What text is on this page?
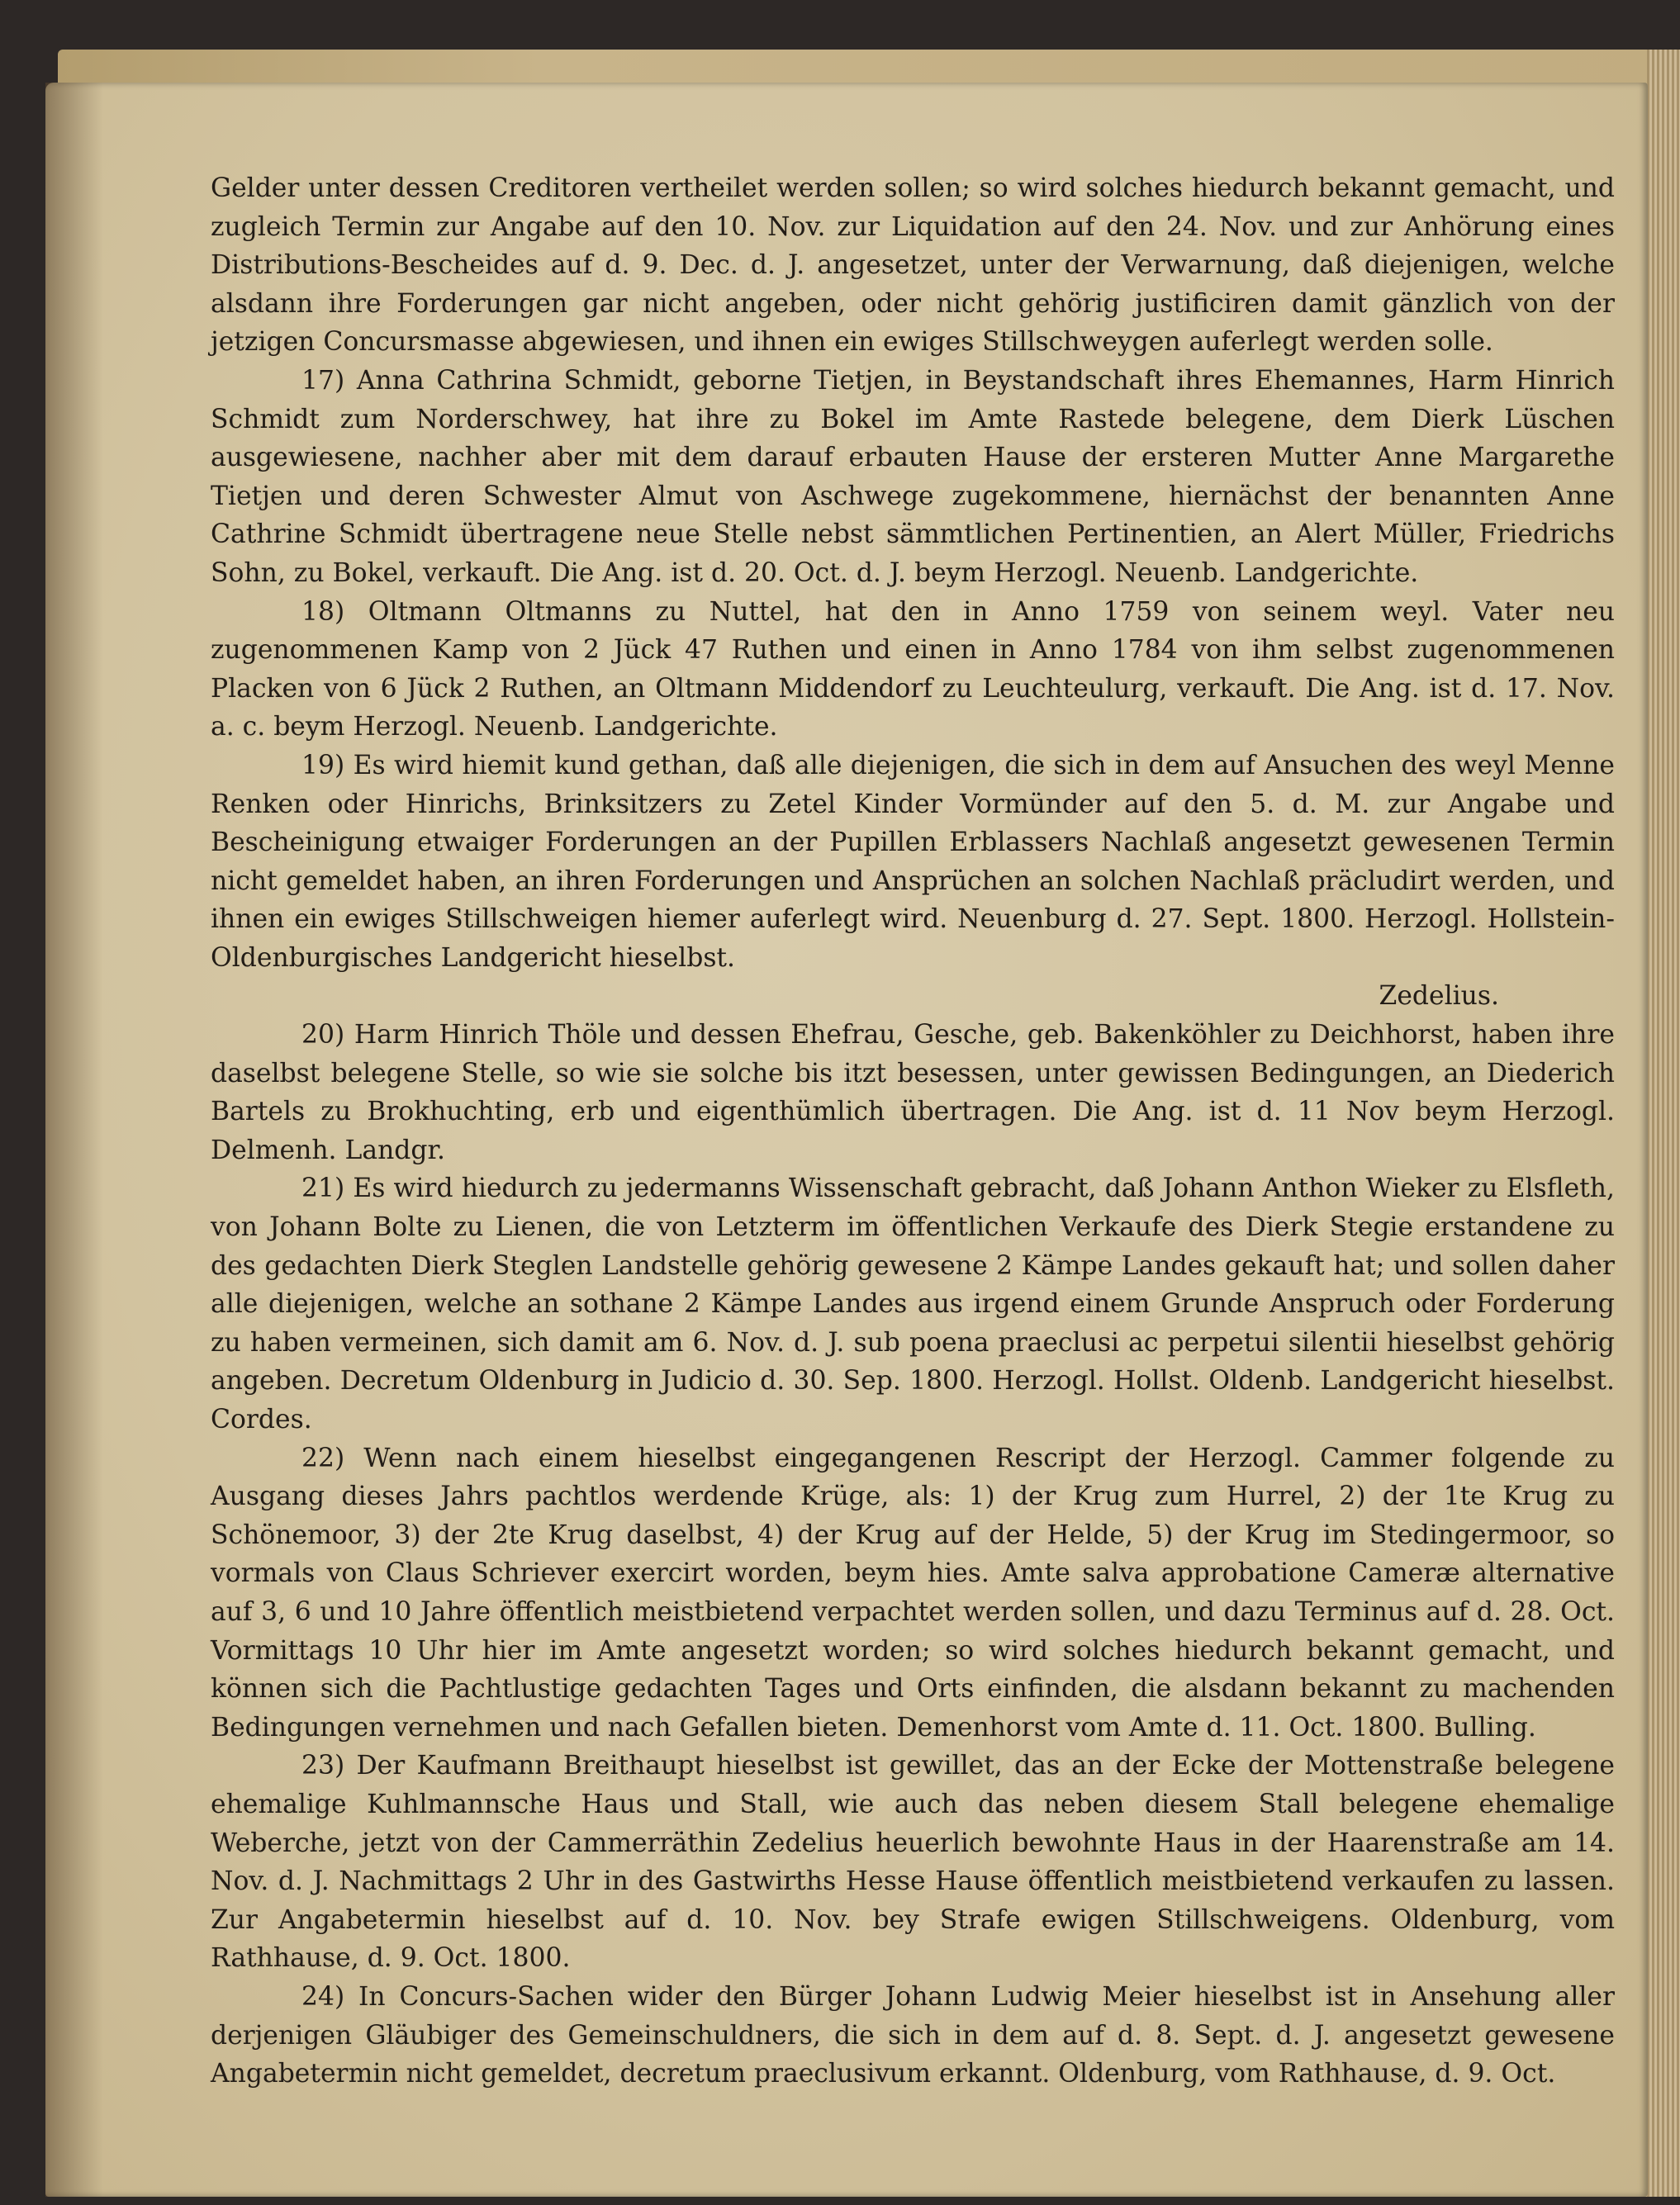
Gelder unter dessen Creditoren vertheilet werden sollen; so wird solches hiedurch bekannt gemacht, und zugleich Termin zur Angabe auf den 10. Nov. zur Liquidation auf den 24. Nov. und zur Anhörung eines Distributions-Bescheides auf d. 9. Dec. d. J. angesetzet, unter der Verwarnung, daß diejenigen, welche alsdann ihre Forderungen gar nicht angeben, oder nicht gehörig justificiren damit gänzlich von der jetzigen Concursmasse abgewiesen, und ihnen ein ewiges Stillschweygen auferlegt werden solle.

17) Anna Cathrina Schmidt, geborne Tietjen, in Beystandschaft ihres Ehemannes, Harm Hinrich Schmidt zum Norderschwey, hat ihre zu Bokel im Amte Rastede belegene, dem Dierk Lüschen ausgewiesene, nachher aber mit dem darauf erbauten Hause der ersteren Mutter Anne Margarethe Tietjen und deren Schwester Almut von Aschwege zugekommene, hiernächst der benannten Anne Cathrine Schmidt übertragene neue Stelle nebst sämmtlichen Pertinentien, an Alert Müller, Friedrichs Sohn, zu Bokel, verkauft. Die Ang. ist d. 20. Oct. d. J. beym Herzogl. Neuenb. Landgerichte.

18) Oltmann Oltmanns zu Nuttel, hat den in Anno 1759 von seinem weyl. Vater neu zugenommenen Kamp von 2 Jück 47 Ruthen und einen in Anno 1784 von ihm selbst zugenommenen Placken von 6 Jück 2 Ruthen, an Oltmann Middendorf zu Leuchteulurg, verkauft. Die Ang. ist d. 17. Nov. a. c. beym Herzogl. Neuenb. Landgerichte.

19) Es wird hiemit kund gethan, daß alle diejenigen, die sich in dem auf Ansuchen des weyl Menne Renken oder Hinrichs, Brinksitzers zu Zetel Kinder Vormünder auf den 5. d. M. zur Angabe und Bescheinigung etwaiger Forderungen an der Pupillen Erblassers Nachlaß angesetzt gewesenen Termin nicht gemeldet haben, an ihren Forderungen und Ansprüchen an solchen Nachlaß präcludirt werden, und ihnen ein ewiges Stillschweigen hiemer auferlegt wird. Neuenburg d. 27. Sept. 1800. Herzogl. Hollstein-Oldenburgisches Landgericht hieselbst.

Zedelius.

20) Harm Hinrich Thöle und dessen Ehefrau, Gesche, geb. Bakenköhler zu Deichhorst, haben ihre daselbst belegene Stelle, so wie sie solche bis itzt besessen, unter gewissen Bedingungen, an Diederich Bartels zu Brokhuchting, erb und eigenthümlich übertragen. Die Ang. ist d. 11 Nov beym Herzogl. Delmenh. Landgr.

21) Es wird hiedurch zu jedermanns Wissenschaft gebracht, daß Johann Anthon Wieker zu Elsfleth, von Johann Bolte zu Lienen, die von Letzterm im öffentlichen Verkaufe des Dierk Stegie erstandene zu des gedachten Dierk Steglen Landstelle gehörig gewesene 2 Kämpe Landes gekauft hat; und sollen daher alle diejenigen, welche an sothane 2 Kämpe Landes aus irgend einem Grunde Anspruch oder Forderung zu haben vermeinen, sich damit am 6. Nov. d. J. sub poena praeclusi ac perpetui silentii hieselbst gehörig angeben. Decretum Oldenburg in Judicio d. 30. Sep. 1800. Herzogl. Hollst. Oldenb. Landgericht hieselbst. Cordes.

22) Wenn nach einem hieselbst eingegangenen Rescript der Herzogl. Cammer folgende zu Ausgang dieses Jahrs pachtlos werdende Krüge, als: 1) der Krug zum Hurrel, 2) der 1te Krug zu Schönemoor, 3) der 2te Krug daselbst, 4) der Krug auf der Helde, 5) der Krug im Stedingermoor, so vormals von Claus Schriever exercirt worden, beym hies. Amte salva approbatione Cameræ alternative auf 3, 6 und 10 Jahre öffentlich meistbietend verpachtet werden sollen, und dazu Terminus auf d. 28. Oct. Vormittags 10 Uhr hier im Amte angesetzt worden; so wird solches hiedurch bekannt gemacht, und können sich die Pachtlustige gedachten Tages und Orts einfinden, die alsdann bekannt zu machenden Bedingungen vernehmen und nach Gefallen bieten. Demenhorst vom Amte d. 11. Oct. 1800. Bulling.

23) Der Kaufmann Breithaupt hieselbst ist gewillet, das an der Ecke der Mottenstraße belegene ehemalige Kuhlmannsche Haus und Stall, wie auch das neben diesem Stall belegene ehemalige Weberche, jetzt von der Cammerräthin Zedelius heuerlich bewohnte Haus in der Haarenstraße am 14. Nov. d. J. Nachmittags 2 Uhr in des Gastwirths Hesse Hause öffentlich meistbietend verkaufen zu lassen. Zur Angabetermin hieselbst auf d. 10. Nov. bey Strafe ewigen Stillschweigens. Oldenburg, vom Rathhause, d. 9. Oct. 1800.

24) In Concurs-Sachen wider den Bürger Johann Ludwig Meier hieselbst ist in Ansehung aller derjenigen Gläubiger des Gemeinschuldners, die sich in dem auf d. 8. Sept. d. J. angesetzt gewesene Angabetermin nicht gemeldet, decretum praeclusivum erkannt. Oldenburg, vom Rathhause, d. 9. Oct.
